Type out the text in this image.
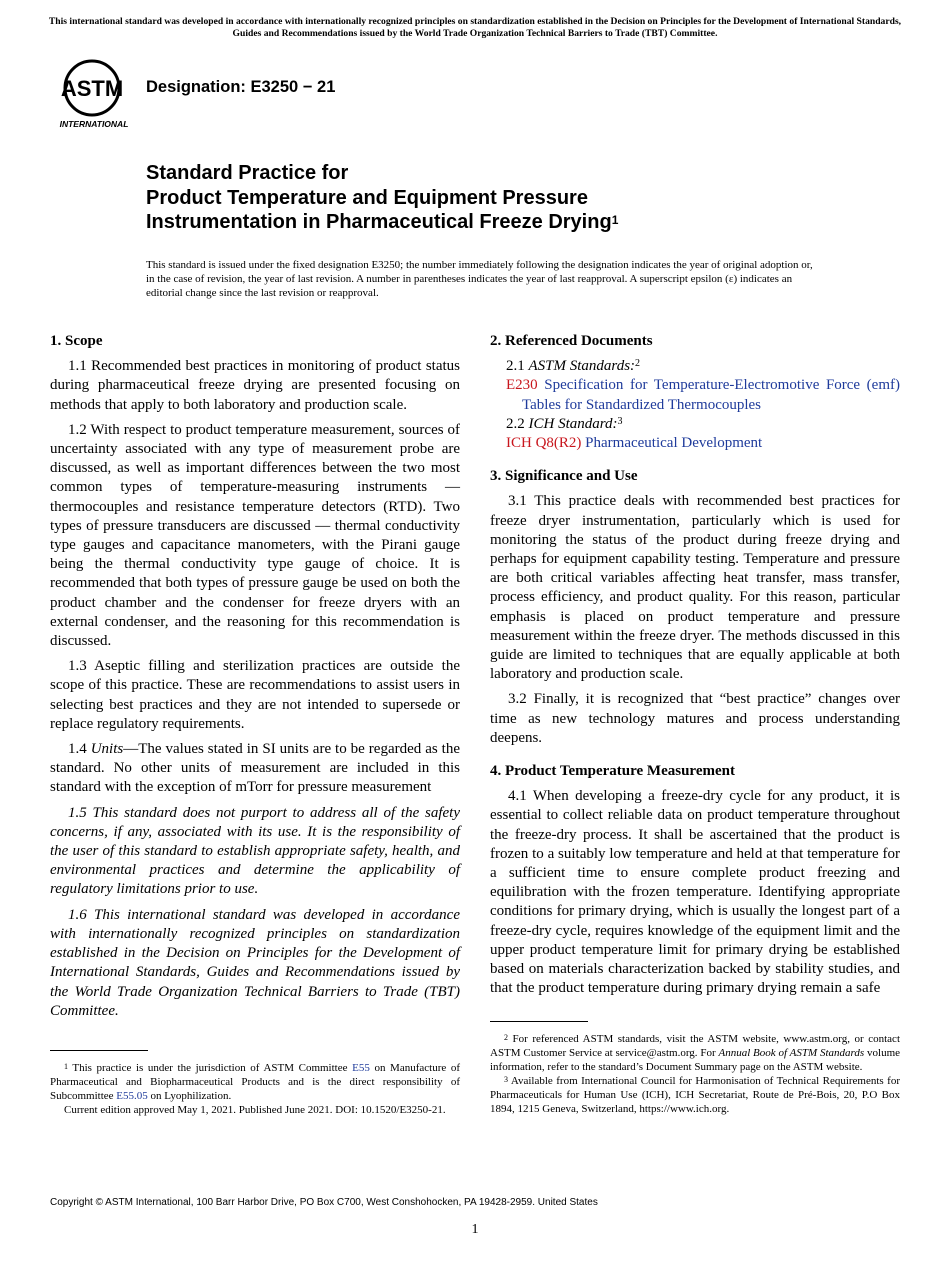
This international standard was developed in accordance with internationally recognized principles on standardization established in the Decision on Principles for the Development of International Standards, Guides and Recommendations issued by the World Trade Organization Technical Barriers to Trade (TBT) Committee.
ASTM
INTERNATIONAL
Designation: E3250 − 21
Standard Practice for
Product Temperature and Equipment Pressure
Instrumentation in Pharmaceutical Freeze Drying$^1$
This standard is issued under the fixed designation E3250; the number immediately following the designation indicates the year of original adoption or, in the case of revision, the year of last revision. A number in parentheses indicates the year of last reapproval. A superscript epsilon (ε) indicates an editorial change since the last revision or reapproval.

1. Scope

1.1 Recommended best practices in monitoring of product status during pharmaceutical freeze drying are presented focusing on methods that apply to both laboratory and production scale.

1.2 With respect to product temperature measurement, sources of uncertainty associated with any type of measurement probe are discussed, as well as important differences between the two most common types of temperature-measuring instruments — thermocouples and resistance temperature detectors (RTD). Two types of pressure transducers are discussed — thermal conductivity type gauges and capacitance manometers, with the Pirani gauge being the thermal conductivity type gauge of choice. It is recommended that both types of pressure gauge be used on both the product chamber and the condenser for freeze dryers with an external condenser, and the reasoning for this recommendation is discussed.

1.3 Aseptic filling and sterilization practices are outside the scope of this practice. These are recommendations to assist users in selecting best practices and they are not intended to supersede or replace regulatory requirements.

1.4 Units—The values stated in SI units are to be regarded as the standard. No other units of measurement are included in this standard with the exception of mTorr for pressure measurement

1.5 This standard does not purport to address all of the safety concerns, if any, associated with its use. It is the responsibility of the user of this standard to establish appropriate safety, health, and environmental practices and determine the applicability of regulatory limitations prior to use.

1.6 This international standard was developed in accordance with internationally recognized principles on standardization established in the Decision on Principles for the Development of International Standards, Guides and Recommendations issued by the World Trade Organization Technical Barriers to Trade (TBT) Committee.

$^1$ This practice is under the jurisdiction of ASTM Committee E55 on Manufacture of Pharmaceutical and Biopharmaceutical Products and is the direct responsibility of Subcommittee E55.05 on Lyophilization.

Current edition approved May 1, 2021. Published June 2021. DOI: 10.1520/E3250-21.

2. Referenced Documents

2.1 ASTM Standards:$^2$

E230 Specification for Temperature-Electromotive Force (emf) Tables for Standardized Thermocouples

2.2 ICH Standard:$^3$

ICH Q8(R2) Pharmaceutical Development

3. Significance and Use

3.1 This practice deals with recommended best practices for freeze dryer instrumentation, particularly which is used for monitoring the status of the product during freeze drying and perhaps for equipment capability testing. Temperature and pressure are both critical variables affecting heat transfer, mass transfer, process efficiency, and product quality. For this reason, particular emphasis is placed on product temperature and pressure measurement within the freeze dryer. The methods discussed in this guide are limited to techniques that are equally applicable at both laboratory and production scale.

3.2 Finally, it is recognized that “best practice” changes over time as new technology matures and process understanding deepens.

4. Product Temperature Measurement

4.1 When developing a freeze-dry cycle for any product, it is essential to collect reliable data on product temperature throughout the freeze-dry process. It shall be ascertained that the product is frozen to a suitably low temperature and held at that temperature for a sufficient time to ensure complete product freezing and equilibration with the frozen temperature. Identifying appropriate conditions for primary drying, which is usually the longest part of a freeze-dry cycle, requires knowledge of the equipment limit and the upper product temperature limit for primary drying be established based on materials characterization backed by stability studies, and that the product temperature during primary drying remain a safe

$^2$ For referenced ASTM standards, visit the ASTM website, www.astm.org, or contact ASTM Customer Service at service@astm.org. For Annual Book of ASTM Standards volume information, refer to the standard’s Document Summary page on the ASTM website.

$^3$ Available from International Council for Harmonisation of Technical Requirements for Pharmaceuticals for Human Use (ICH), ICH Secretariat, Route de Pré-Bois, 20, P.O Box 1894, 1215 Geneva, Switzerland, https://www.ich.org.

Copyright © ASTM International, 100 Barr Harbor Drive, PO Box C700, West Conshohocken, PA 19428-2959. United States
1
